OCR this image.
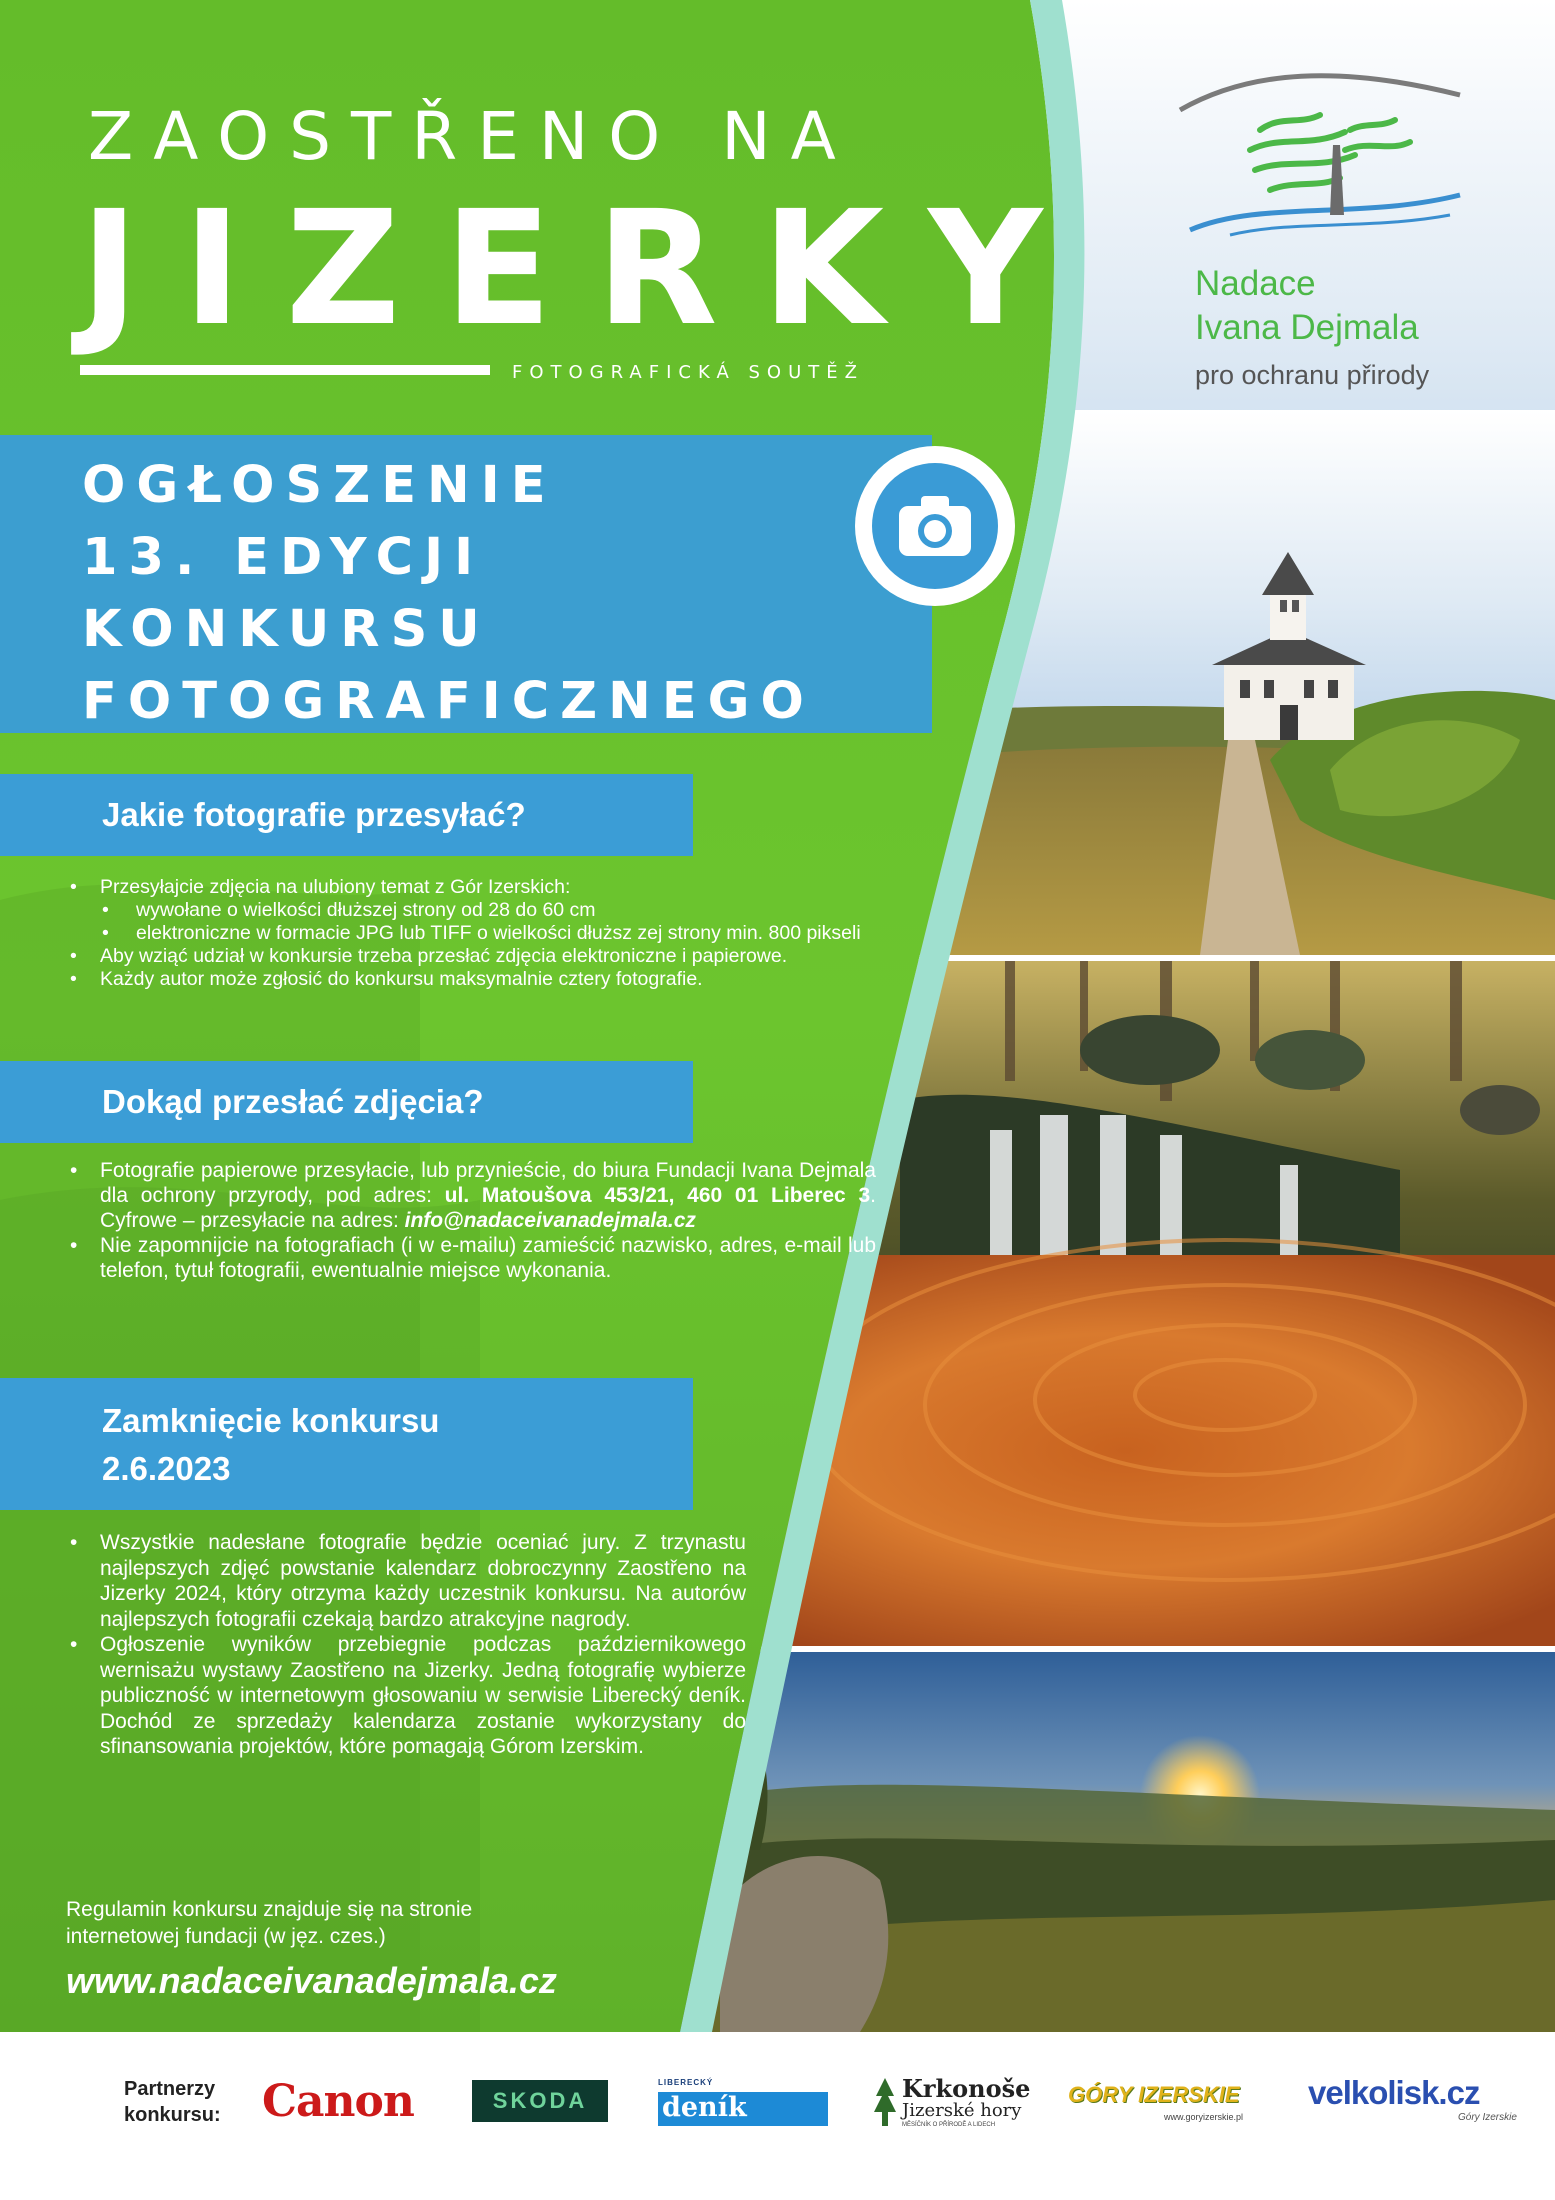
Nadace
Ivana Dejmala
pro ochranu přirody
ZAOSTŘENO NA
JIZERKY
FOTOGRAFICKÁ SOUTĚŽ
OGŁOSZENIE
13. EDYCJI
KONKURSU
FOTOGRAFICZNEGO
Jakie fotografie przesyłać?
• Przesyłajcie zdjęcia na ulubiony temat z Gór Izerskich:
• wywołane o wielkości dłuższej strony od 28 do 60 cm
• elektroniczne w formacie JPG lub TIFF o wielkości dłuższ zej strony min. 800 pikseli
• Aby wziąć udział w konkursie trzeba przesłać zdjęcia elektroniczne i papierowe.
• Każdy autor może zgłosić do konkursu maksymalnie cztery fotografie.
Dokąd przesłać zdjęcia?
• Fotografie papierowe przesyłacie, lub przynieście, do biura Fundacji Ivana Dejmala dla ochrony przyrody, pod adres: ul. Matoušova 453/21, 460 01 Liberec 3. Cyfrowe – przesyłacie na adres: info@nadaceivanadejmala.cz
• Nie zapomnijcie na fotografiach (i w e-mailu) zamieścić nazwisko, adres, e-mail lub telefon, tytuł fotografii, ewentualnie miejsce wykonania.
Zamknięcie konkursu
2.6.2023
• Wszystkie nadesłane fotografie będzie oceniać jury. Z trzynastu najlepszych zdjęć powstanie kalendarz dobroczynny Zaostřeno na Jizerky 2024, który otrzyma każdy uczestnik konkursu. Na autorów najlepszych fotografii czekają bardzo atrakcyjne nagrody.
• Ogłoszenie wyników przebiegnie podczas październikowego wernisażu wystawy Zaostřeno na Jizerky. Jedną fotografię wybierze publiczność w internetowym głosowaniu w serwisie Liberecký deník. Dochód ze sprzedaży kalendarza zostanie wykorzystany do sfinansowania projektów, które pomagają Górom Izerskim.
Regulamin konkursu znajduje się na stronie internetowej fundacji (w jęz. czes.)
www.nadaceivanadejmala.cz
Partnerzy
konkursu: Canon	SKODA
LIBERECKÝ
deník
Krkonoše
Jizerské hory
MĚSÍČNÍK O PŘÍRODĚ A LIDECH
GÓRY IZERSKIE
www.goryizerskie.pl
velkolisk.cz
Góry Izerskie
